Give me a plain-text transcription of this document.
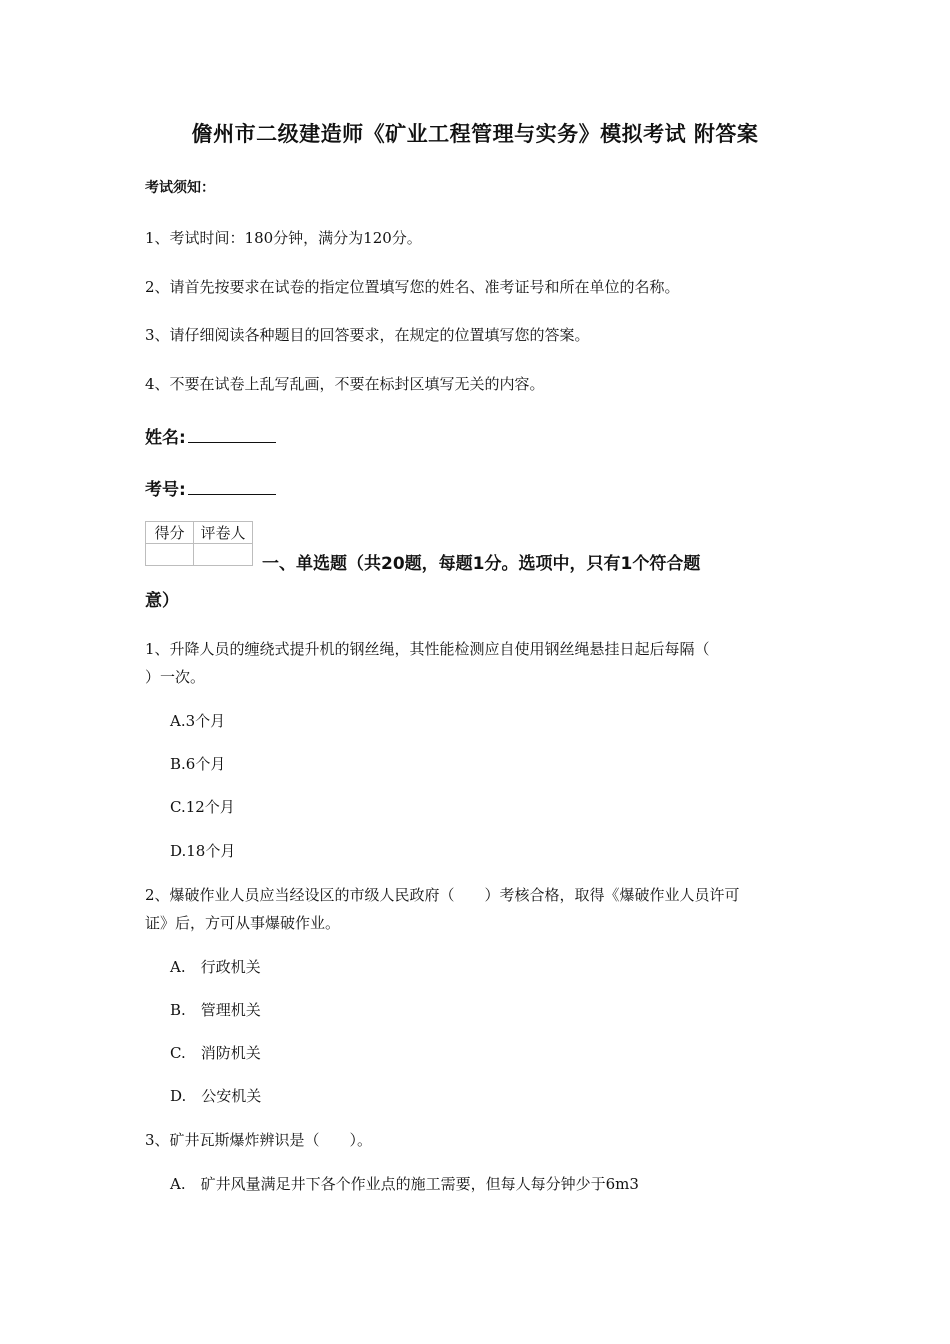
儋州市二级建造师《矿业工程管理与实务》模拟考试 附答案
考试须知：
1、考试时间：180分钟，满分为120分。
2、请首先按要求在试卷的指定位置填写您的姓名、准考证号和所在单位的名称。
3、请仔细阅读各种题目的回答要求，在规定的位置填写您的答案。
4、不要在试卷上乱写乱画，不要在标封区填写无关的内容。
姓名:
考号:
得分	评卷人

一、单选题（共20题，每题1分。选项中，只有1个符合题
意）
1、升降人员的缠绕式提升机的钢丝绳，其性能检测应自使用钢丝绳悬挂日起后每隔（
）一次。
A.3个月
B.6个月
C.12个月
D.18个月
2、爆破作业人员应当经设区的市级人民政府（　　）考核合格，取得《爆破作业人员许可
证》后，方可从事爆破作业。
A.　行政机关
B.　管理机关
C.　消防机关
D.　公安机关
3、矿井瓦斯爆炸辨识是（　　）。
A.　矿井风量满足井下各个作业点的施工需要，但每人每分钟少于6m3
